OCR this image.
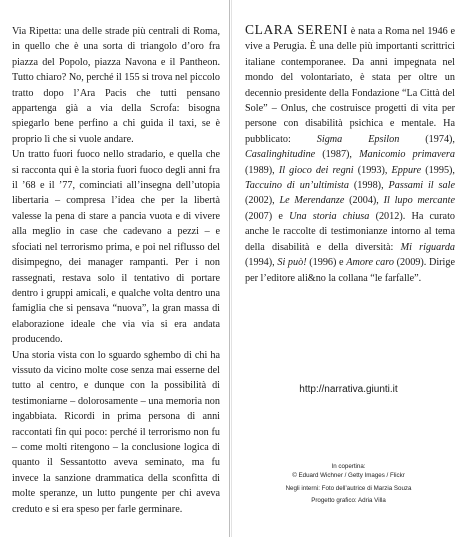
Via Ripetta: una delle strade più centrali di Roma, in quello che è una sorta di triangolo d’oro fra piazza del Popolo, piazza Navona e il Pantheon. Tutto chiaro? No, perché il 155 si trova nel piccolo tratto dopo l’Ara Pacis che tutti pensano appartenga già a via della Scrofa: bisogna spiegarlo bene perfino a chi guida il taxi, se è proprio lì che si vuole andare.

Un tratto fuori fuoco nello stradario, e quella che si racconta qui è la storia fuori fuoco degli anni fra il ’68 e il ’77, cominciati all’insegna dell’utopia libertaria – compresa l’idea che per la libertà valesse la pena di stare a pancia vuota e di vivere alla meglio in case che cadevano a pezzi – e sfociati nel terrorismo prima, e poi nel riflusso del disimpegno, dei manager rampanti. Per i non rassegnati, restava solo il tentativo di portare dentro i gruppi amicali, e qualche volta dentro una famiglia che si pensava “nuova”, la gran massa di elaborazione ideale che via via si era andata producendo.

Una storia vista con lo sguardo sghembo di chi ha vissuto da vicino molte cose senza mai esserne del tutto al centro, e dunque con la possibilità di testimoniarne – dolorosamente – una memoria non ingabbiata. Ricordi in prima persona di anni raccontati fin qui poco: perché il terrorismo non fu – come molti ritengono – la conclusione logica di quanto il Sessantotto aveva seminato, ma fu invece la sanzione drammatica della sconfitta di molte speranze, un lutto pungente per chi aveva creduto e si era speso per farle germinare.

CLARA SERENI è nata a Roma nel 1946 e vive a Perugia. È una delle più importanti scrittrici italiane contemporanee. Da anni impegnata nel mondo del volontariato, è stata per oltre un decennio presidente della Fondazione “La Città del Sole” – Onlus, che costruisce progetti di vita per persone con disabilità psichica e mentale. Ha pubblicato: Sigma Epsilon (1974), Casalinghitudine (1987), Manicomio primavera (1989), Il gioco dei regni (1993), Eppure (1995), Taccuino di un’ultimista (1998), Passami il sale (2002), Le Merendanze (2004), Il lupo mercante (2007) e Una storia chiusa (2012). Ha curato anche le raccolte di testimonianze intorno al tema della disabilità e della diversità: Mi riguarda (1994), Si può! (1996) e Amore caro (2009). Dirige per l’editore ali&no la collana “le farfalle”.
http://narrativa.giunti.it
In copertina:
© Eduard Wichner / Getty Images / Flickr
Negli interni: Foto dell’autrice di Marzia Souza
Progetto grafico: Adria Villa
